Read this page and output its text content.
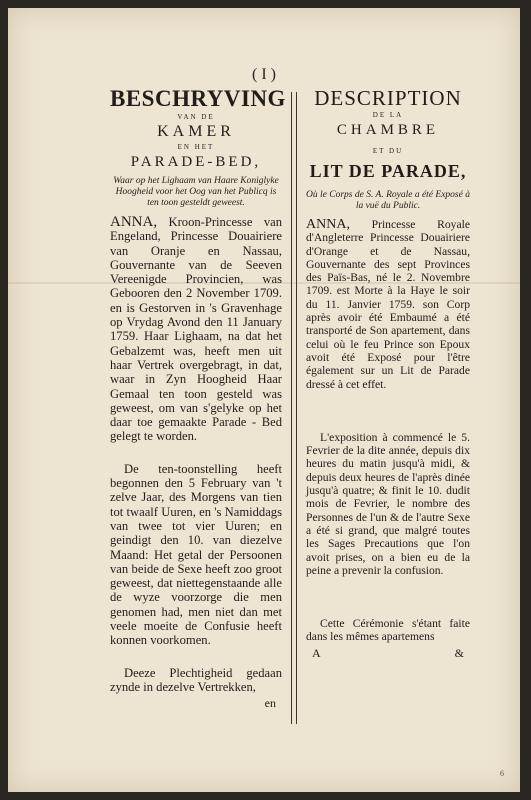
( I )

BESCHRYVING

VAN DE

KAMER

EN HET

PARADE-BED,

Waar op het Lighaam van Haare Koniglyke Hoogheid voor het Oog van het Publicq is ten toon gesteldt geweest.

ANNA, Kroon-Princesse van Engeland, Princesse Douairiere van Oranje en Nassau, Gouvernante van de Seeven Vereenigde Provincien, was Gebooren den 2 November 1709. en is Gestorven in 's Gravenhage op Vrydag Avond den 11 January 1759. Haar Lighaam, na dat het Gebalzemt was, heeft men uit haar Vertrek overgebragt, in dat, waar in Zyn Hoogheid Haar Gemaal ten toon gesteld was geweest, om van s'gelyke op het daar toe gemaakte Parade - Bed gelegt te worden.

De ten-toonstelling heeft begonnen den 5 February van 't zelve Jaar, des Morgens van tien tot twaalf Uuren, en 's Namiddags van twee tot vier Uuren; en geindigt den 10. van diezelve Maand: Het getal der Persoonen van beide de Sexe heeft zoo groot geweest, dat niettegenstaande alle de wyze voorzorge die men genomen had, men niet dan met veele moeite de Confusie heeft konnen voorkomen.

Deeze Plechtigheid gedaan zynde in dezelve Vertrekken,

en

DESCRIPTION

DE LA

CHAMBRE

ET DU

LIT DE PARADE,

Où le Corps de S. A. Royale a été Exposé à la vuë du Public.

ANNA, Princesse Royale d'Angleterre Princesse Douairiere d'Orange et de Nassau, Gouvernante des sept Provinces des Païs-Bas, né le 2. Novembre 1709. est Morte à la Haye le soir du 11. Janvier 1759. son Corp après avoir été Embaumé a été transporté de Son apartement, dans celui où le feu Prince son Epoux avoit été Exposé pour l'être également sur un Lit de Parade dressé à cet effet.

L'exposition à commencé le 5. Fevrier de la dite année, depuis dix heures du matin jusqu'à midi, & depuis deux heures de l'après dinée jusqu'à quatre; & finit le 10. dudit mois de Fevrier, le nombre des Personnes de l'un & de l'autre Sexe a été si grand, que malgré toutes les Sages Precautions que l'on avoit prises, on a bien eu de la peine a prevenir la confusion.

Cette Cérémonie s'étant faite dans les mêmes apartemens

A	&
6
